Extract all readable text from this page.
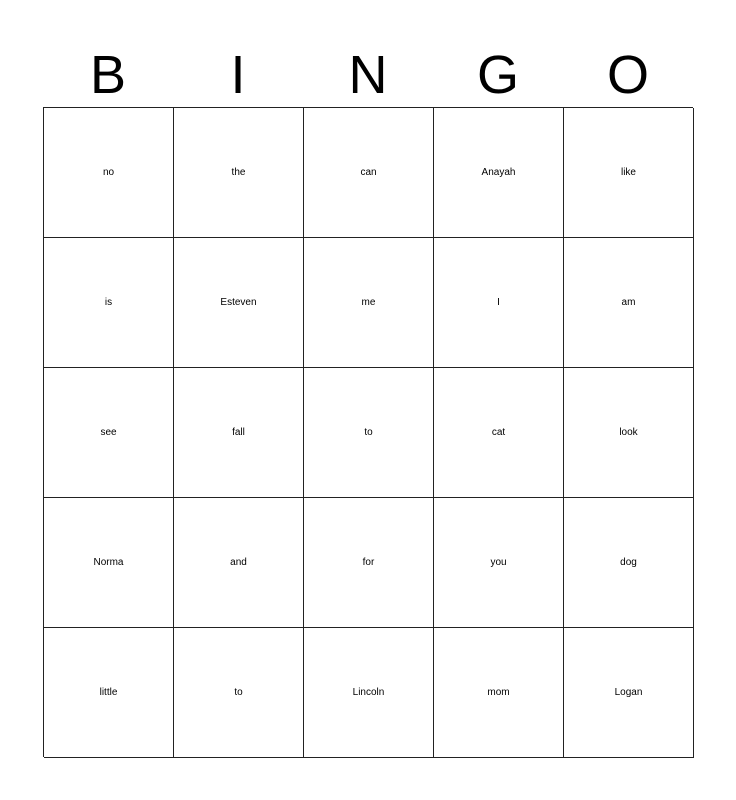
B	I	N	G	O
no	the	can	Anayah	like
is	Esteven	me	I	am
see	fall	to	cat	look
Norma	and	for	you	dog
little	to	Lincoln	mom	Logan
